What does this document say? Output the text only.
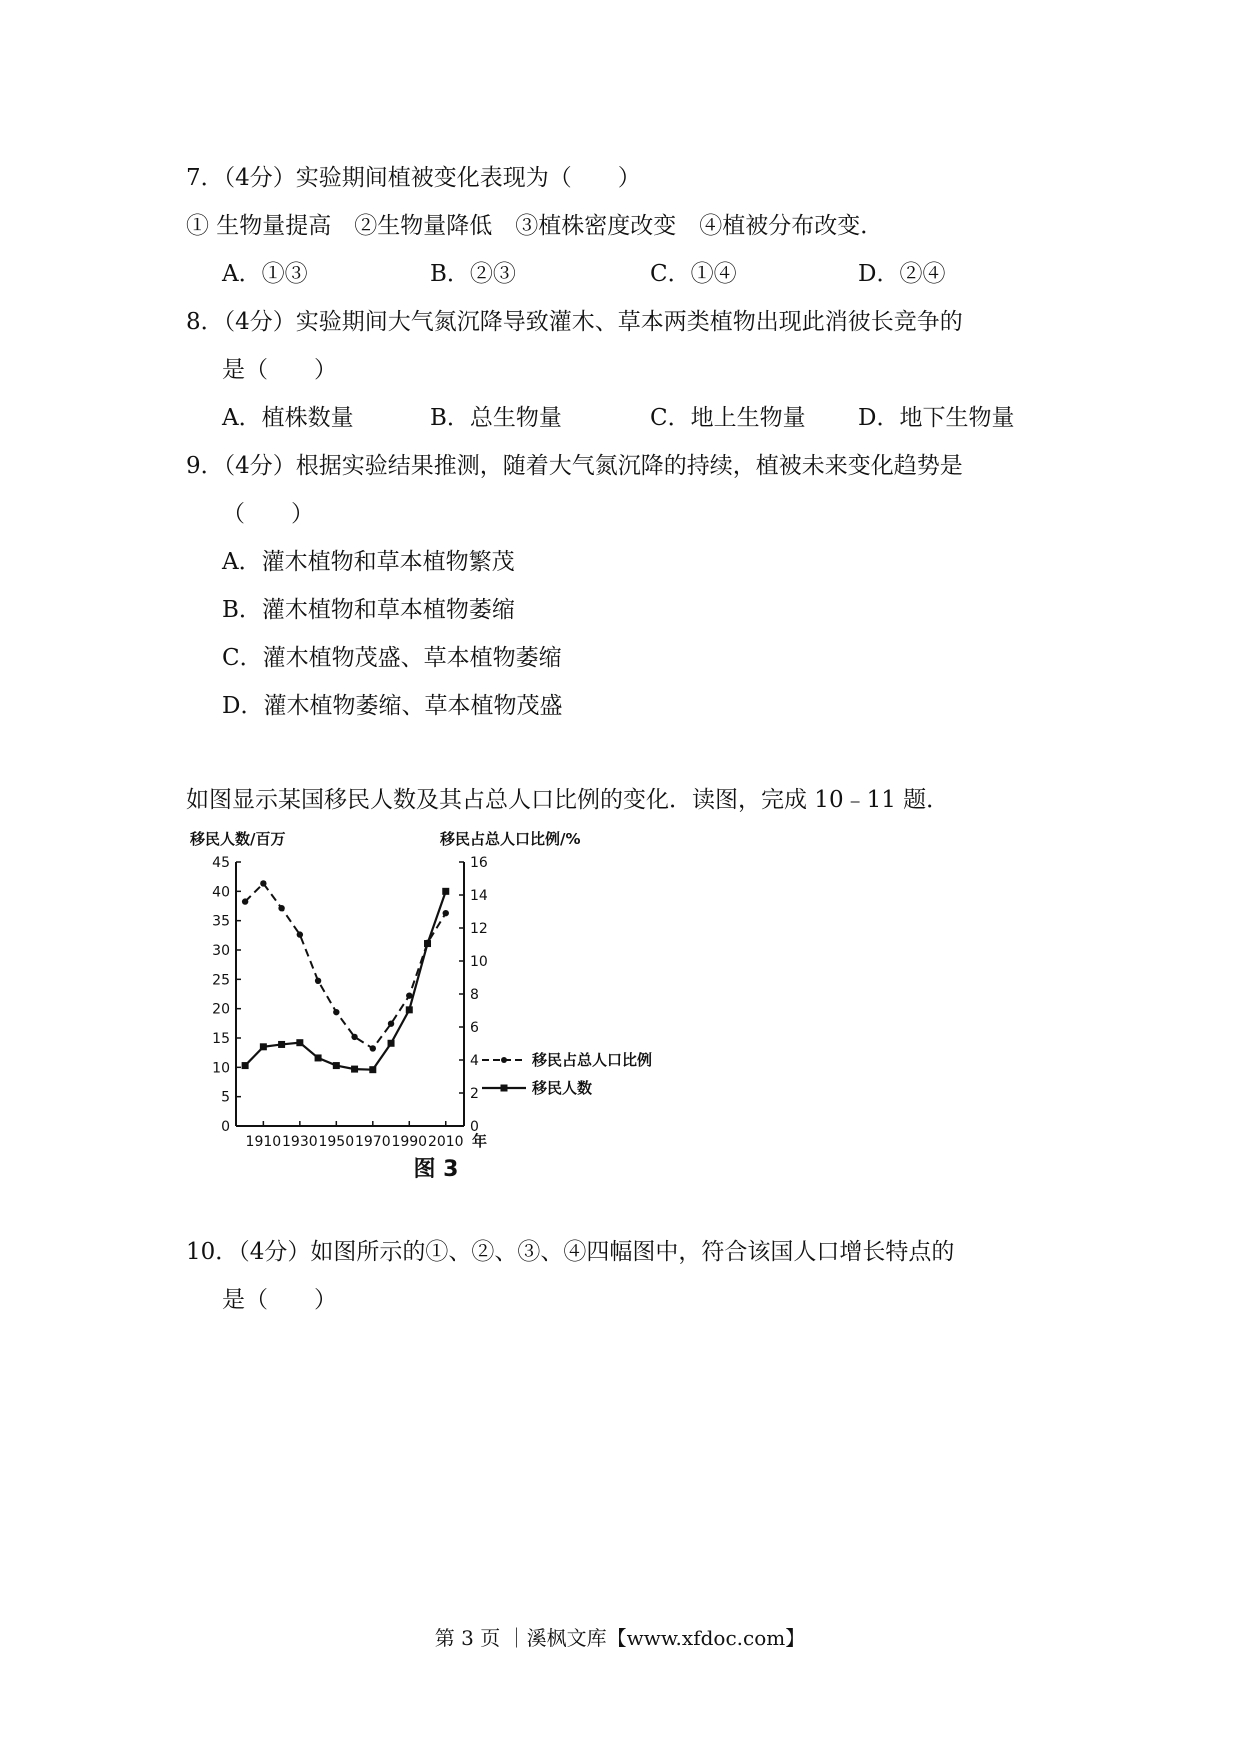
7．（4分）实验期间植被变化表现为（　　）
① 生物量提高　②生物量降低　③植株密度改变　④植被分布改变．
A．①③	B．②③	C．①④	D．②④
8．（4分）实验期间大气氮沉降导致灌木、草本两类植物出现此消彼长竞争的
是（　　）
A．植株数量	B．总生物量	C．地上生物量 D．地下生物量
9．（4分）根据实验结果推测，随着大气氮沉降的持续，植被未来变化趋势是
（　　）
A．灌木植物和草本植物繁茂
B．灌木植物和草本植物萎缩
C．灌木植物茂盛、草本植物萎缩
D．灌木植物萎缩、草本植物茂盛
如图显示某国移民人数及其占总人口比例的变化．读图，完成 10﹣11 题．
移民人数/百万	移民占总人口比例/%
0
5
10
15
20
25
30
35
40
45
0
2
4
6
8
10
12
14
16
1910 1930 1950 1970 1990 2010 年
移民占总人口比例
移民人数
图 3
10．（4分）如图所示的①、②、③、④四幅图中，符合该国人口增长特点的
是（　　）
第 3 页 ｜溪枫文库【www.xfdoc.com】
